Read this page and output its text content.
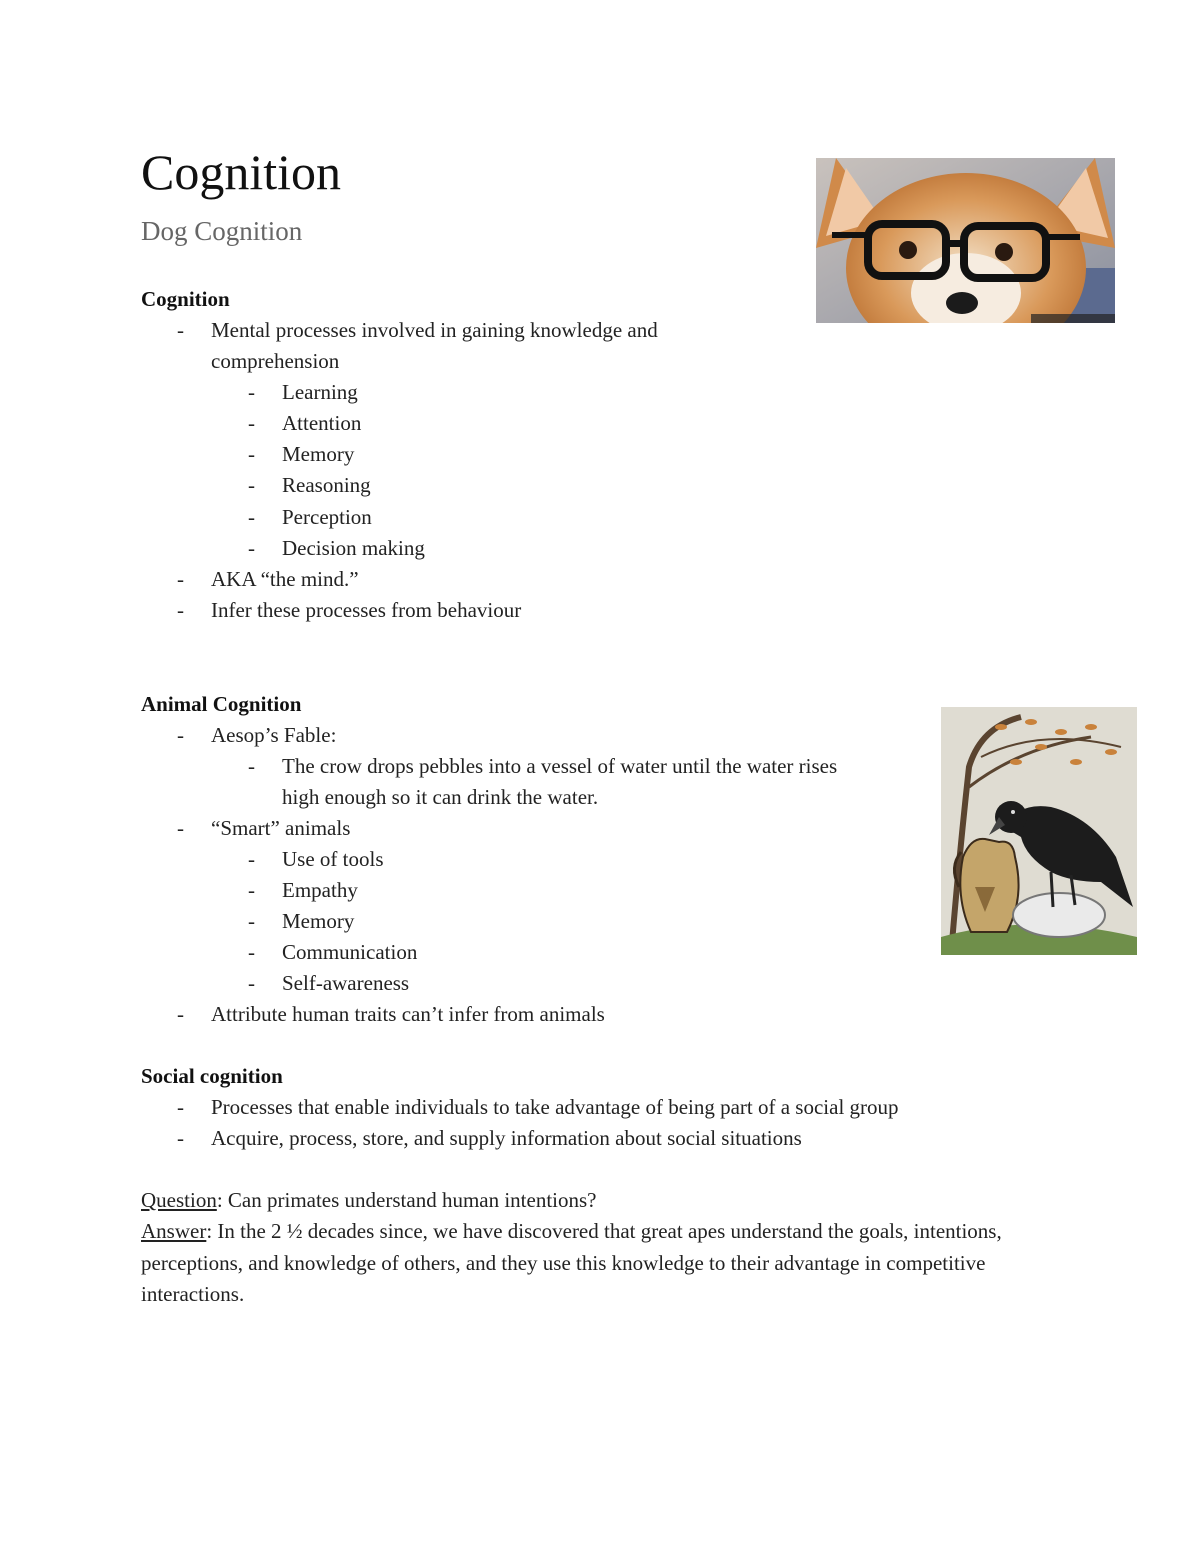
Cognition
Dog Cognition
Cognition
- Mental processes involved in gaining knowledge and
comprehension
- Learning
- Attention
- Memory
- Reasoning
- Perception
- Decision making
- AKA “the mind.”
- Infer these processes from behaviour
Animal Cognition
- Aesop’s Fable:
- The crow drops pebbles into a vessel of water until the water rises
high enough so it can drink the water.
- “Smart” animals
- Use of tools
- Empathy
- Memory
- Communication
- Self-awareness
- Attribute human traits can’t infer from animals
Social cognition
- Processes that enable individuals to take advantage of being part of a social group
- Acquire, process, store, and supply information about social situations

Question: Can primates understand human intentions?

Answer: In the 2 ½ decades since, we have discovered that great apes understand the goals, intentions, perceptions, and knowledge of others, and they use this knowledge to their advantage in competitive interactions.
